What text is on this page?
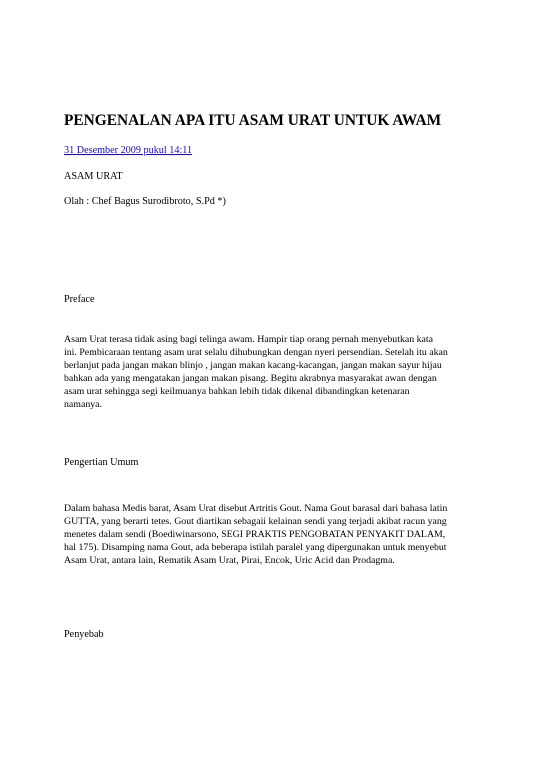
PENGENALAN APA ITU ASAM URAT UNTUK AWAM
31 Desember 2009 pukul 14:11

ASAM URAT

Olah : Chef Bagus Surodibroto, S.Pd *)

Preface

Asam Urat terasa tidak asing bagi telinga awam. Hampir tiap orang pernah menyebutkan kata
ini. Pembicaraan tentang asam urat selalu dihubungkan dengan nyeri persendian. Setelah itu akan
berlanjut pada jangan makan blinjo , jangan makan kacang-kacangan, jangan makan sayur hijau
bahkan ada yang mengatakan jangan makan pisang. Begitu akrabnya masyarakat awan dengan
asam urat sehingga segi keilmuanya bahkan lebih tidak dikenal dibandingkan ketenaran
namanya.

Pengertian Umum

Dalam bahasa Medis barat, Asam Urat disebut Artritis Gout. Nama Gout barasal dari bahasa latin
GUTTA, yang berarti tetes. Gout diartikan sebagaii kelainan sendi yang terjadi akibat racun yang
menetes dalam sendi (Boediwinarsono, SEGI PRAKTIS PENGOBATAN PENYAKIT DALAM,
hal 175). Disamping nama Gout, ada beberapa istilah paralel yang dipergunakan untuk menyebut
Asam Urat, antara lain, Rematik Asam Urat, Pirai, Encok, Uric Acid dan Prodagma.

Penyebab
